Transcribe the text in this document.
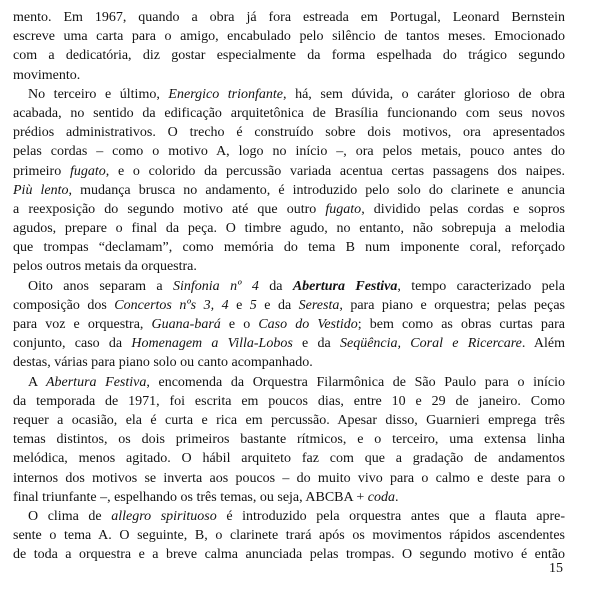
mento. Em 1967, quando a obra já fora estreada em Portugal, Leonard Bernstein
escreve uma carta para o amigo, encabulado pelo silêncio de tantos meses. Emocionado
com a dedicatória, diz gostar especialmente da forma espelhada do trágico segundo
movimento.
No terceiro e último, Energico trionfante, há, sem dúvida, o caráter glorioso de obra
acabada, no sentido da edificação arquitetônica de Brasília funcionando com seus novos
prédios administrativos. O trecho é construído sobre dois motivos, ora apresentados
pelas cordas – como o motivo A, logo no início –, ora pelos metais, pouco antes do
primeiro fugato, e o colorido da percussão variada acentua certas passagens dos naipes.
Più lento, mudança brusca no andamento, é introduzido pelo solo do clarinete e anuncia
a reexposição do segundo motivo até que outro fugato, dividido pelas cordas e sopros
agudos, prepare o final da peça. O timbre agudo, no entanto, não sobrepuja a melodia
que trompas “declamam”, como memória do tema B num imponente coral, reforçado
pelos outros metais da orquestra.
Oito anos separam a Sinfonia nº 4 da Abertura Festiva, tempo caracterizado pela
composição dos Concertos nºs 3, 4 e 5 e da Seresta, para piano e orquestra; pelas peças
para voz e orquestra, Guana-bará e o Caso do Vestido; bem como as obras curtas para
conjunto, caso da Homenagem a Villa-Lobos e da Seqüência, Coral e Ricercare. Além
destas, várias para piano solo ou canto acompanhado.
A Abertura Festiva, encomenda da Orquestra Filarmônica de São Paulo para o início
da temporada de 1971, foi escrita em poucos dias, entre 10 e 29 de janeiro. Como
requer a ocasião, ela é curta e rica em percussão. Apesar disso, Guarnieri emprega três
temas distintos, os dois primeiros bastante rítmicos, e o terceiro, uma extensa linha
melódica, menos agitado. O hábil arquiteto faz com que a gradação de andamentos
internos dos motivos se inverta aos poucos – do muito vivo para o calmo e deste para o
final triunfante –, espelhando os três temas, ou seja, ABCBA + coda.
O clima de allegro spirituoso é introduzido pela orquestra antes que a flauta apre-
sente o tema A. O seguinte, B, o clarinete trará após os movimentos rápidos ascendentes
de toda a orquestra e a breve calma anunciada pelas trompas. O segundo motivo é então
15
